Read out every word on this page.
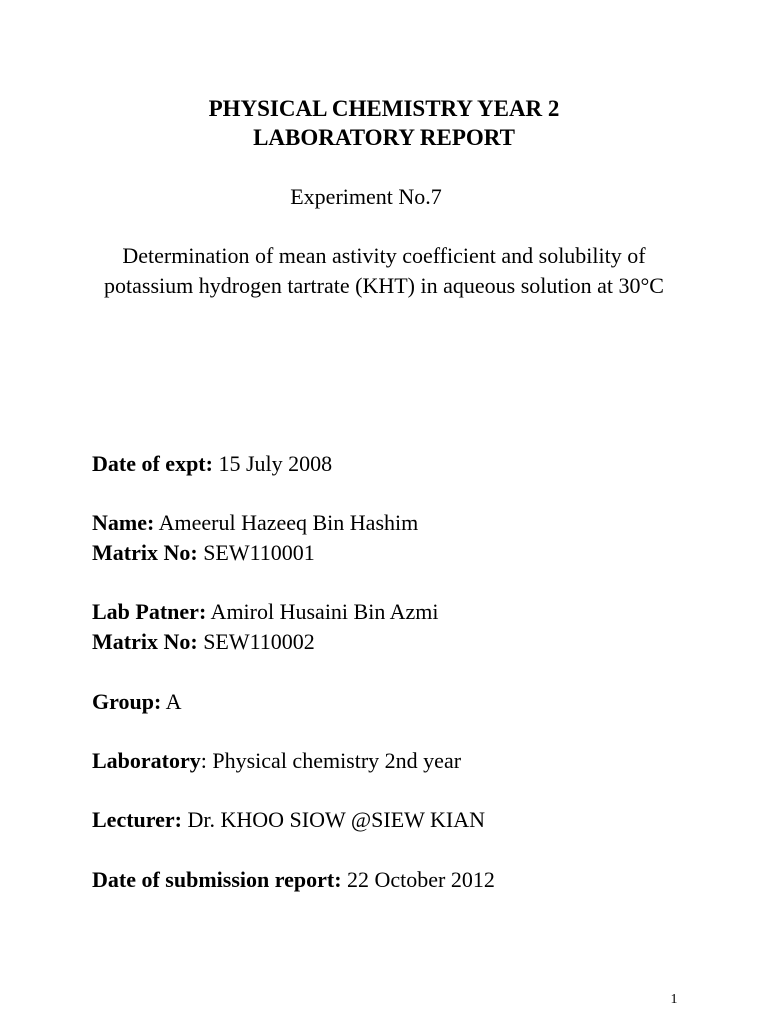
PHYSICAL CHEMISTRY YEAR 2
LABORATORY REPORT
Experiment No.7
Determination of mean astivity coefficient and solubility of potassium hydrogen tartrate (KHT) in aqueous solution at 30°C
Date of expt: 15 July 2008
Name: Ameerul Hazeeq Bin Hashim
Matrix No: SEW110001
Lab Patner: Amirol Husaini Bin Azmi
Matrix No: SEW110002
Group: A
Laboratory: Physical chemistry 2nd year
Lecturer: Dr. KHOO SIOW @SIEW KIAN
Date of submission report: 22 October 2012
1
